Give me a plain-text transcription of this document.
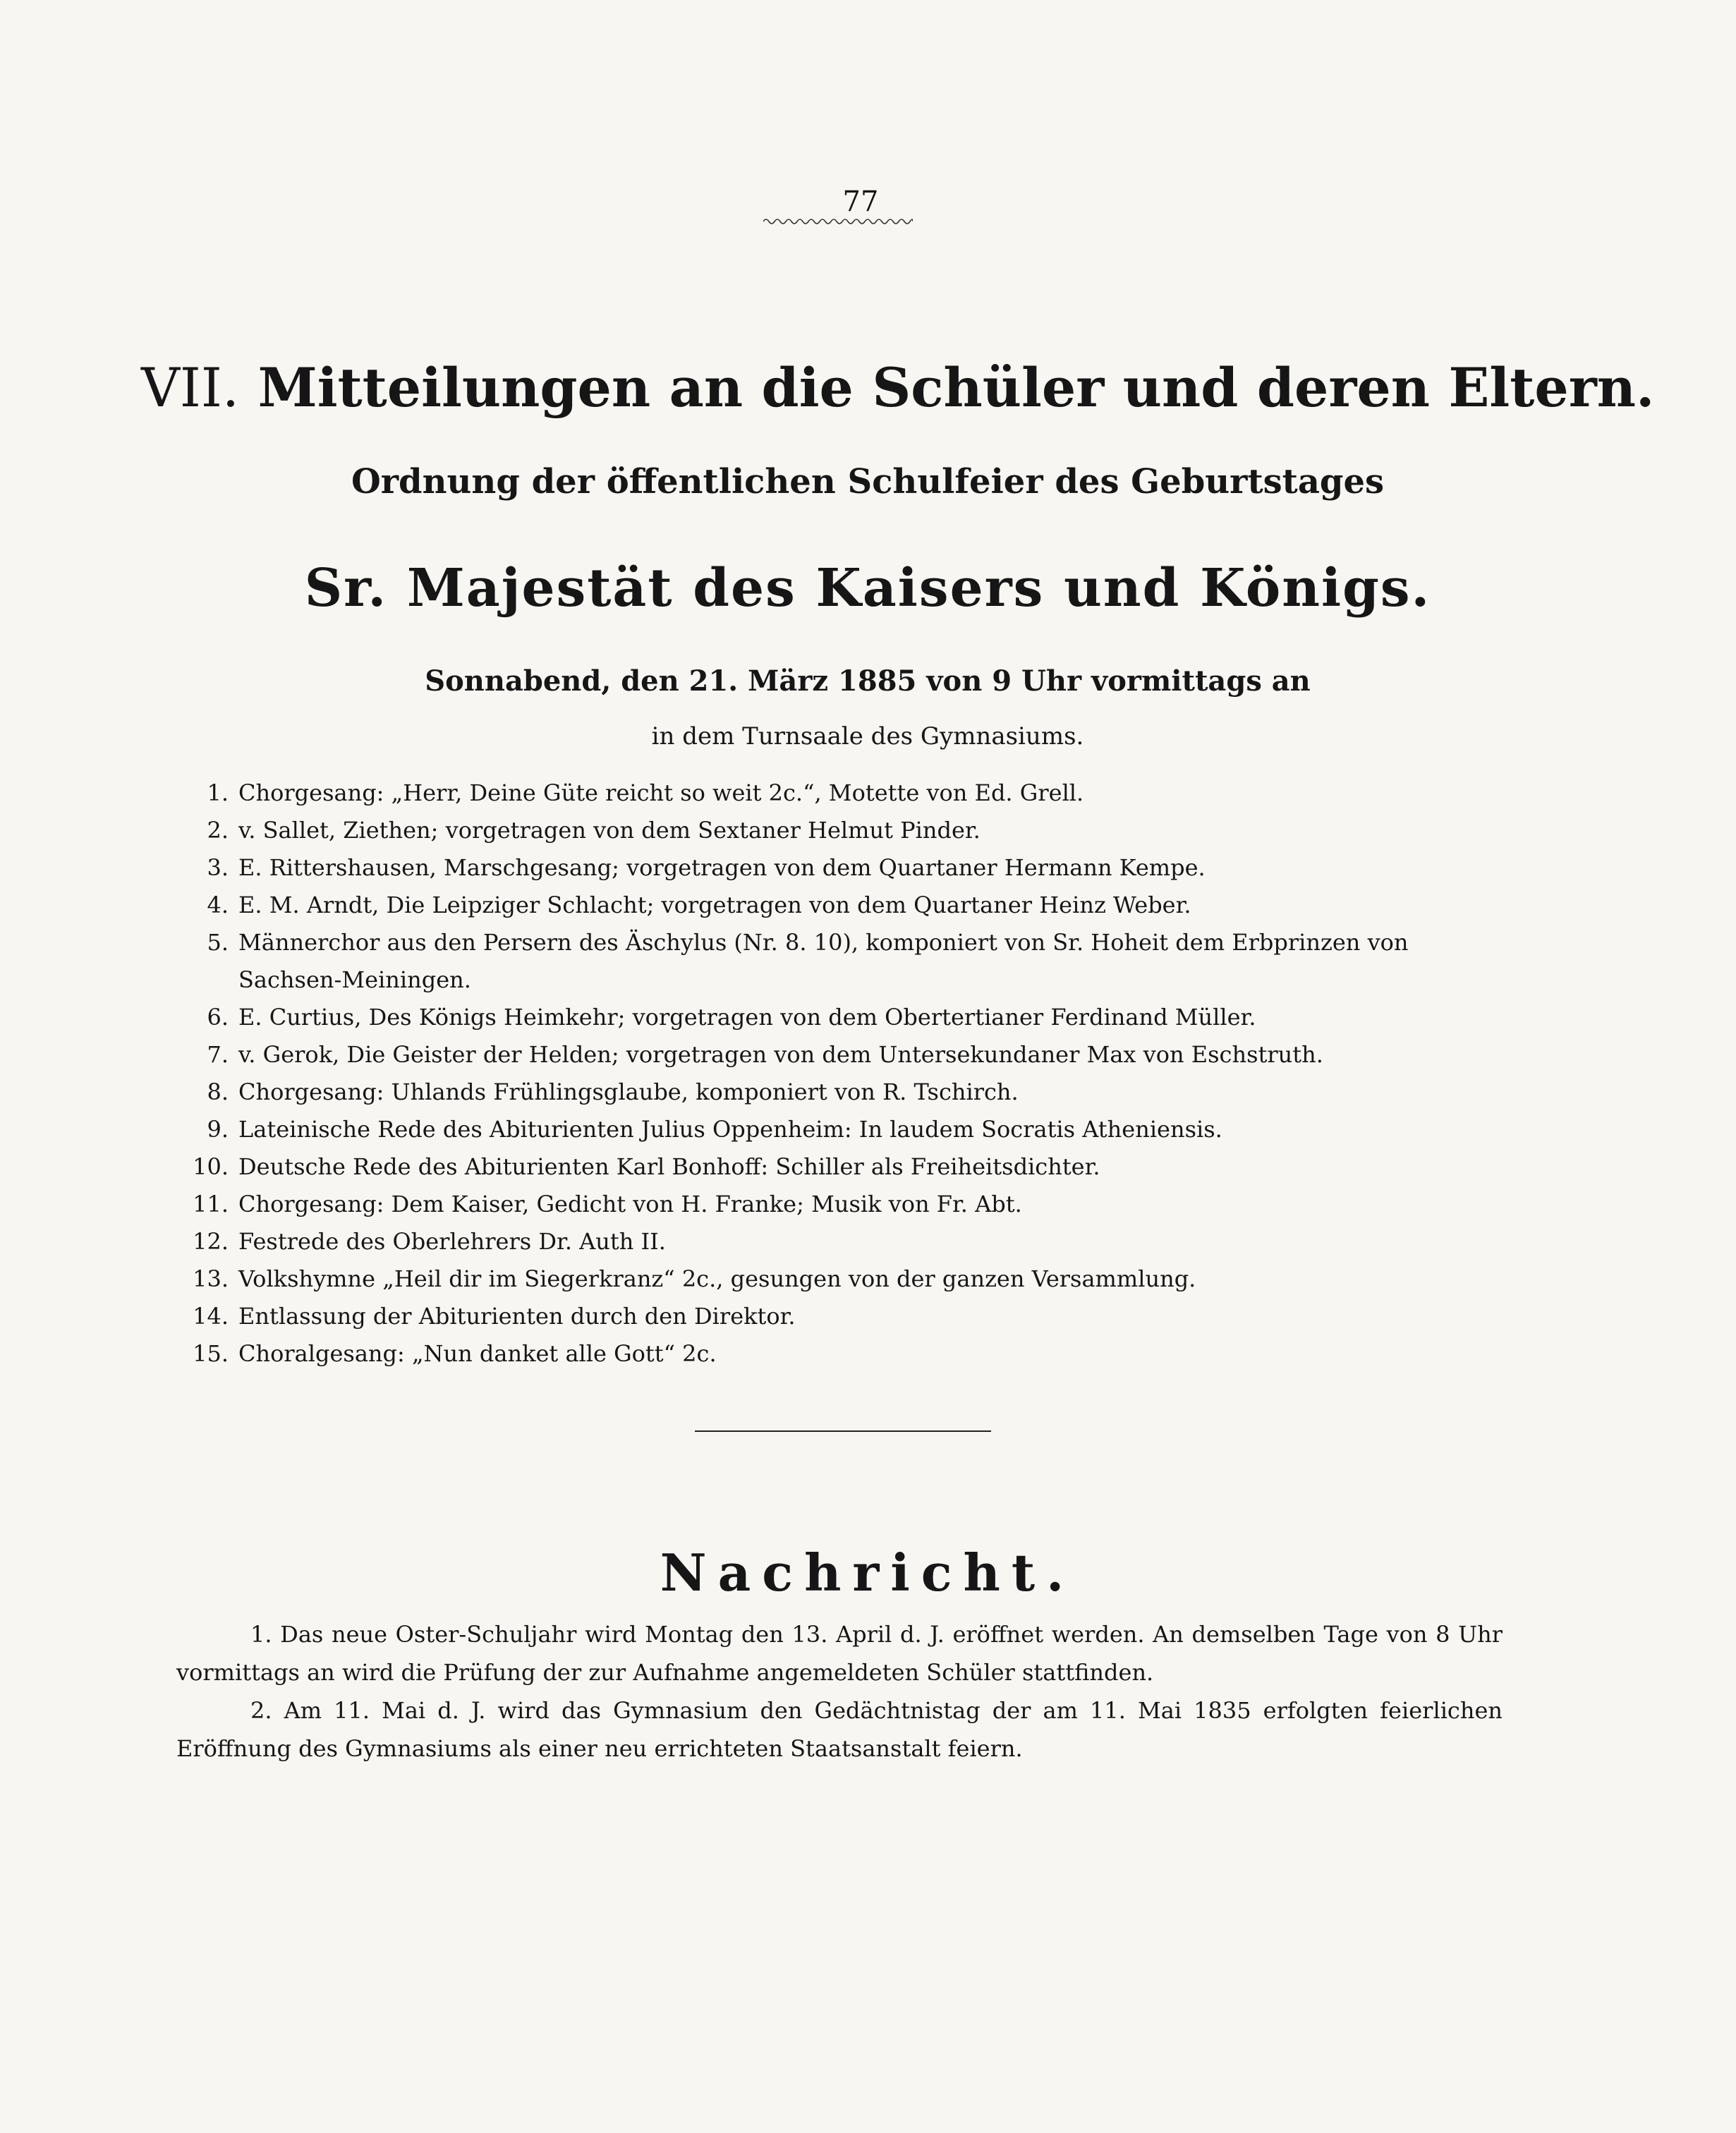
77
VII. Mitteilungen an die Schüler und deren Eltern.
Ordnung der öffentlichen Schulfeier des Geburtstages
Sr. Majestät des Kaisers und Königs.
Sonnabend, den 21. März 1885 von 9 Uhr vormittags an
in dem Turnsaale des Gymnasiums.
1. Chorgesang: „Herr, Deine Güte reicht so weit 2c.“, Motette von Ed. Grell.
2. v. Sallet, Ziethen; vorgetragen von dem Sextaner Helmut Pinder.
3. E. Rittershausen, Marschgesang; vorgetragen von dem Quartaner Hermann Kempe.
4. E. M. Arndt, Die Leipziger Schlacht; vorgetragen von dem Quartaner Heinz Weber.
5. Männerchor aus den Persern des Äschylus (Nr. 8. 10), komponiert von Sr. Hoheit dem Erbprinzen von Sachsen-Meiningen.
6. E. Curtius, Des Königs Heimkehr; vorgetragen von dem Obertertianer Ferdinand Müller.
7. v. Gerok, Die Geister der Helden; vorgetragen von dem Untersekundaner Max von Eschstruth.
8. Chorgesang: Uhlands Frühlingsglaube, komponiert von R. Tschirch.
9. Lateinische Rede des Abiturienten Julius Oppenheim: In laudem Socratis Atheniensis.
10. Deutsche Rede des Abiturienten Karl Bonhoff: Schiller als Freiheitsdichter.
11. Chorgesang: Dem Kaiser, Gedicht von H. Franke; Musik von Fr. Abt.
12. Festrede des Oberlehrers Dr. Auth II.
13. Volkshymne „Heil dir im Siegerkranz“ 2c., gesungen von der ganzen Versammlung.
14. Entlassung der Abiturienten durch den Direktor.
15. Choralgesang: „Nun danket alle Gott“ 2c.
Nachricht.

1. Das neue Oster-Schuljahr wird Montag den 13. April d. J. eröffnet werden. An demselben Tage von 8 Uhr vormittags an wird die Prüfung der zur Aufnahme angemeldeten Schüler stattfinden.

2. Am 11. Mai d. J. wird das Gymnasium den Gedächtnistag der am 11. Mai 1835 erfolgten feierlichen Eröffnung des Gymnasiums als einer neu errichteten Staatsanstalt feiern.
